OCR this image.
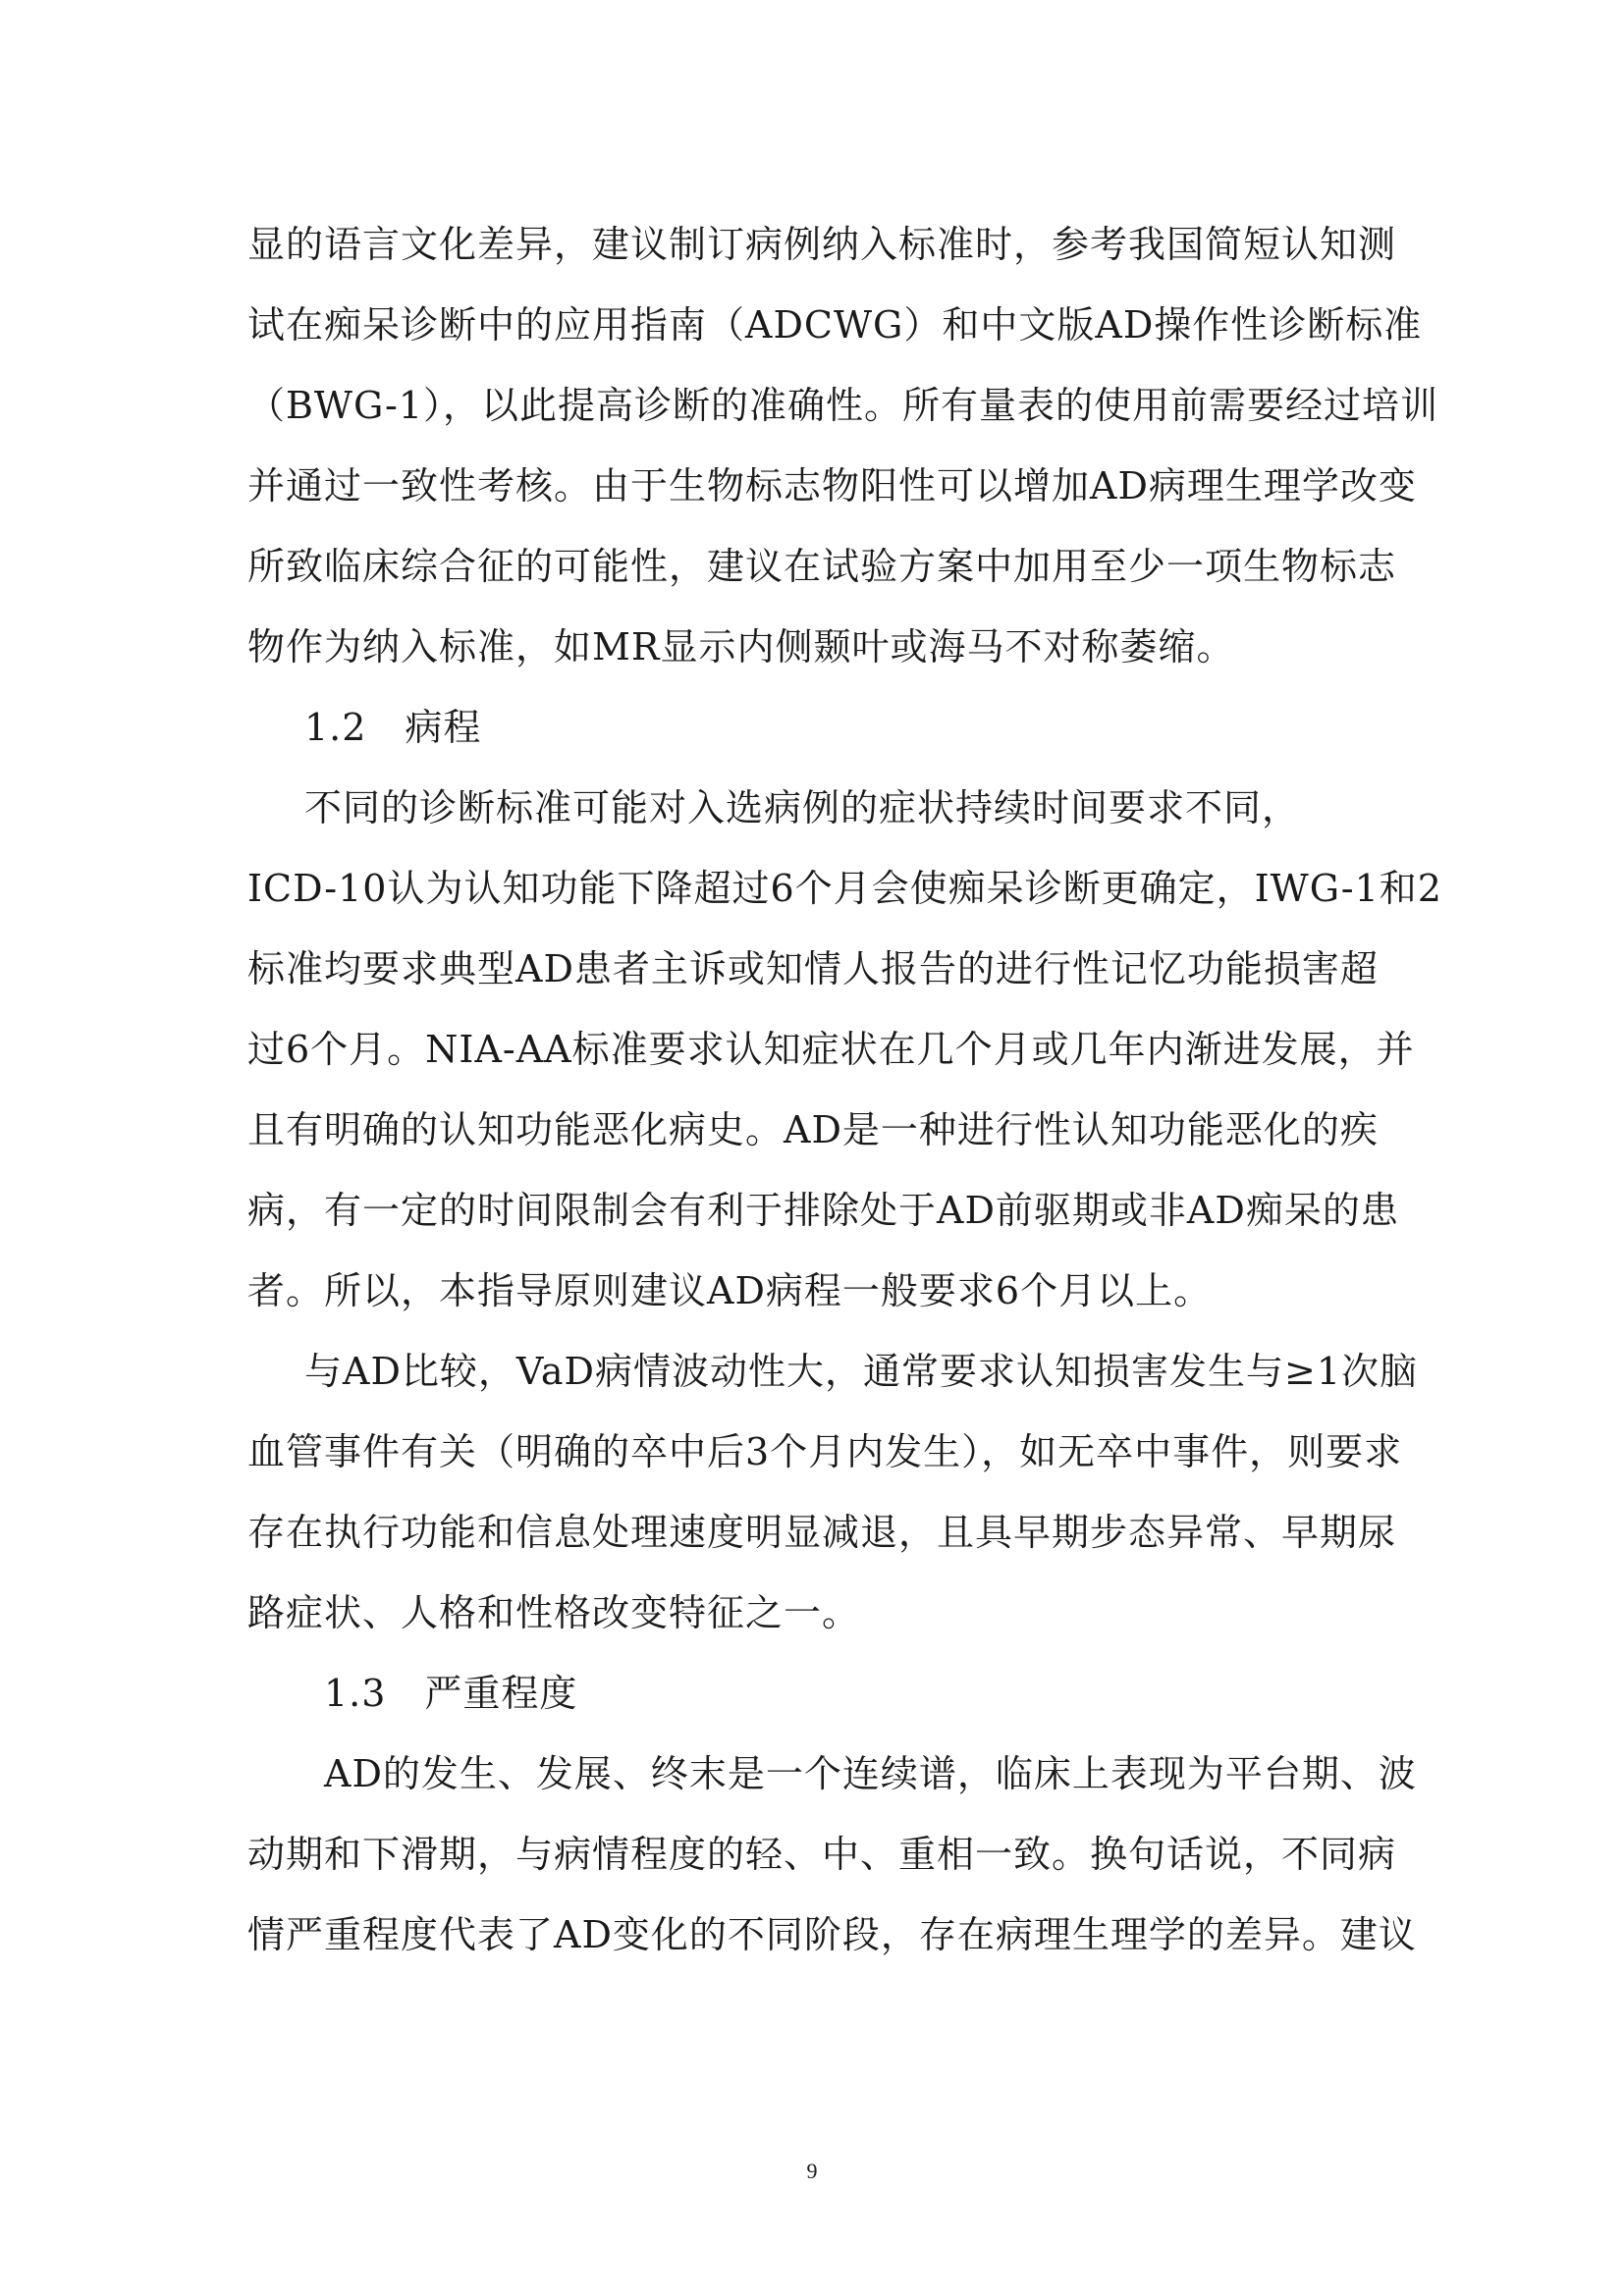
显的语言文化差异，建议制订病例纳入标准时，参考我国简短认知测
试在痴呆诊断中的应用指南（ADCWG）和中文版AD操作性诊断标准
（BWG-1），以此提高诊断的准确性。所有量表的使用前需要经过培训
并通过一致性考核。由于生物标志物阳性可以增加AD病理生理学改变
所致临床综合征的可能性，建议在试验方案中加用至少一项生物标志
物作为纳入标准，如MR显示内侧颞叶或海马不对称萎缩。
1.2　病程
不同的诊断标准可能对入选病例的症状持续时间要求不同，
ICD-10认为认知功能下降超过6个月会使痴呆诊断更确定，IWG-1和2
标准均要求典型AD患者主诉或知情人报告的进行性记忆功能损害超
过6个月。NIA-AA标准要求认知症状在几个月或几年内渐进发展，并
且有明确的认知功能恶化病史。AD是一种进行性认知功能恶化的疾
病，有一定的时间限制会有利于排除处于AD前驱期或非AD痴呆的患
者。所以，本指导原则建议AD病程一般要求6个月以上。
与AD比较，VaD病情波动性大，通常要求认知损害发生与≥1次脑
血管事件有关（明确的卒中后3个月内发生），如无卒中事件，则要求
存在执行功能和信息处理速度明显减退，且具早期步态异常、早期尿
路症状、人格和性格改变特征之一。
1.3　严重程度
AD的发生、发展、终末是一个连续谱，临床上表现为平台期、波
动期和下滑期，与病情程度的轻、中、重相一致。换句话说，不同病
情严重程度代表了AD变化的不同阶段，存在病理生理学的差异。建议
9
